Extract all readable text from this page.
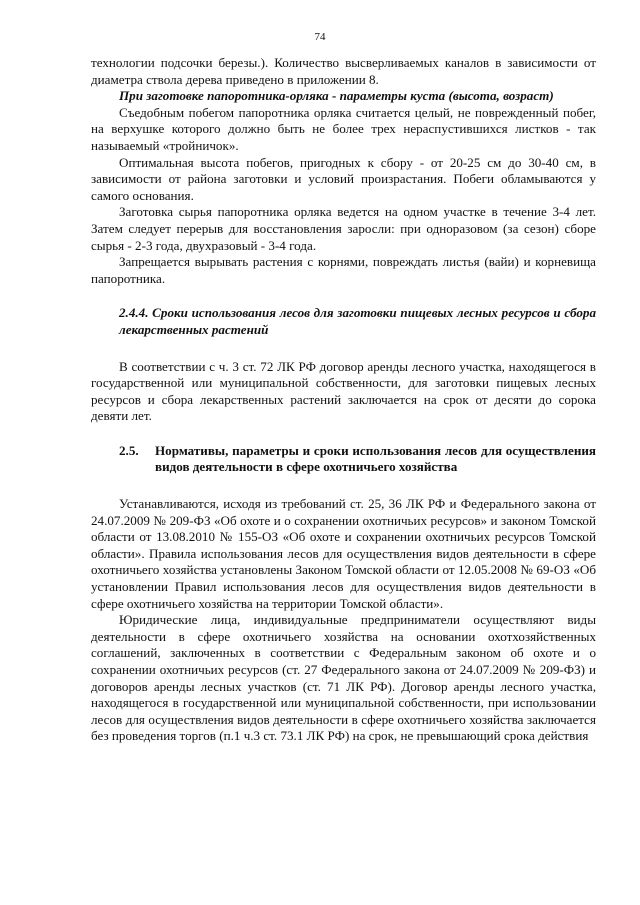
74

технологии подсочки березы.). Количество высверливаемых каналов в зависимости от диаметра ствола дерева приведено в приложении 8.

При заготовке папоротника-орляка - параметры куста (высота, возраст)

Съедобным побегом папоротника орляка считается целый, не поврежденный побег, на верхушке которого должно быть не более трех нераспустившихся листков - так называемый «тройничок».

Оптимальная высота побегов, пригодных к сбору - от 20-25 см до 30-40 см, в зависимости от района заготовки и условий произрастания. Побеги обламываются у самого основания.

Заготовка сырья папоротника орляка ведется на одном участке в течение 3-4 лет. Затем следует перерыв для восстановления заросли: при одноразовом (за сезон) сборе сырья - 2-3 года, двухразовый - 3-4 года.

Запрещается вырывать растения с корнями, повреждать листья (вайи) и корневища папоротника.

2.4.4. Сроки использования лесов для заготовки пищевых лесных ресурсов и сбора лекарственных растений

В соответствии с ч. 3 ст. 72 ЛК РФ договор аренды лесного участка, находящегося в государственной или муниципальной собственности, для заготовки пищевых лесных ресурсов и сбора лекарственных растений заключается на срок от десяти до сорока девяти лет.

2.5.	Нормативы, параметры и сроки использования лесов для осуществления видов деятельности в сфере охотничьего хозяйства

Устанавливаются, исходя из требований ст. 25, 36 ЛК РФ и Федерального закона от 24.07.2009 № 209-ФЗ «Об охоте и о сохранении охотничьих ресурсов» и законом Томской области от 13.08.2010 № 155-ОЗ «Об охоте и сохранении охотничьих ресурсов Томской области». Правила использования лесов для осуществления видов деятельности в сфере охотничьего хозяйства установлены Законом Томской области от 12.05.2008 № 69-ОЗ «Об установлении Правил использования лесов для осуществления видов деятельности в сфере охотничьего хозяйства на территории Томской области».

Юридические лица, индивидуальные предприниматели осуществляют виды деятельности в сфере охотничьего хозяйства на основании охотхозяйственных соглашений, заключенных в соответствии с Федеральным законом об охоте и о сохранении охотничьих ресурсов (ст. 27 Федерального закона от 24.07.2009 № 209-ФЗ) и договоров аренды лесных участков (ст. 71 ЛК РФ). Договор аренды лесного участка, находящегося в государственной или муниципальной собственности, при использовании лесов для осуществления видов деятельности в сфере охотничьего хозяйства заключается без проведения торгов (п.1 ч.3 ст. 73.1 ЛК РФ) на срок, не превышающий срока действия
